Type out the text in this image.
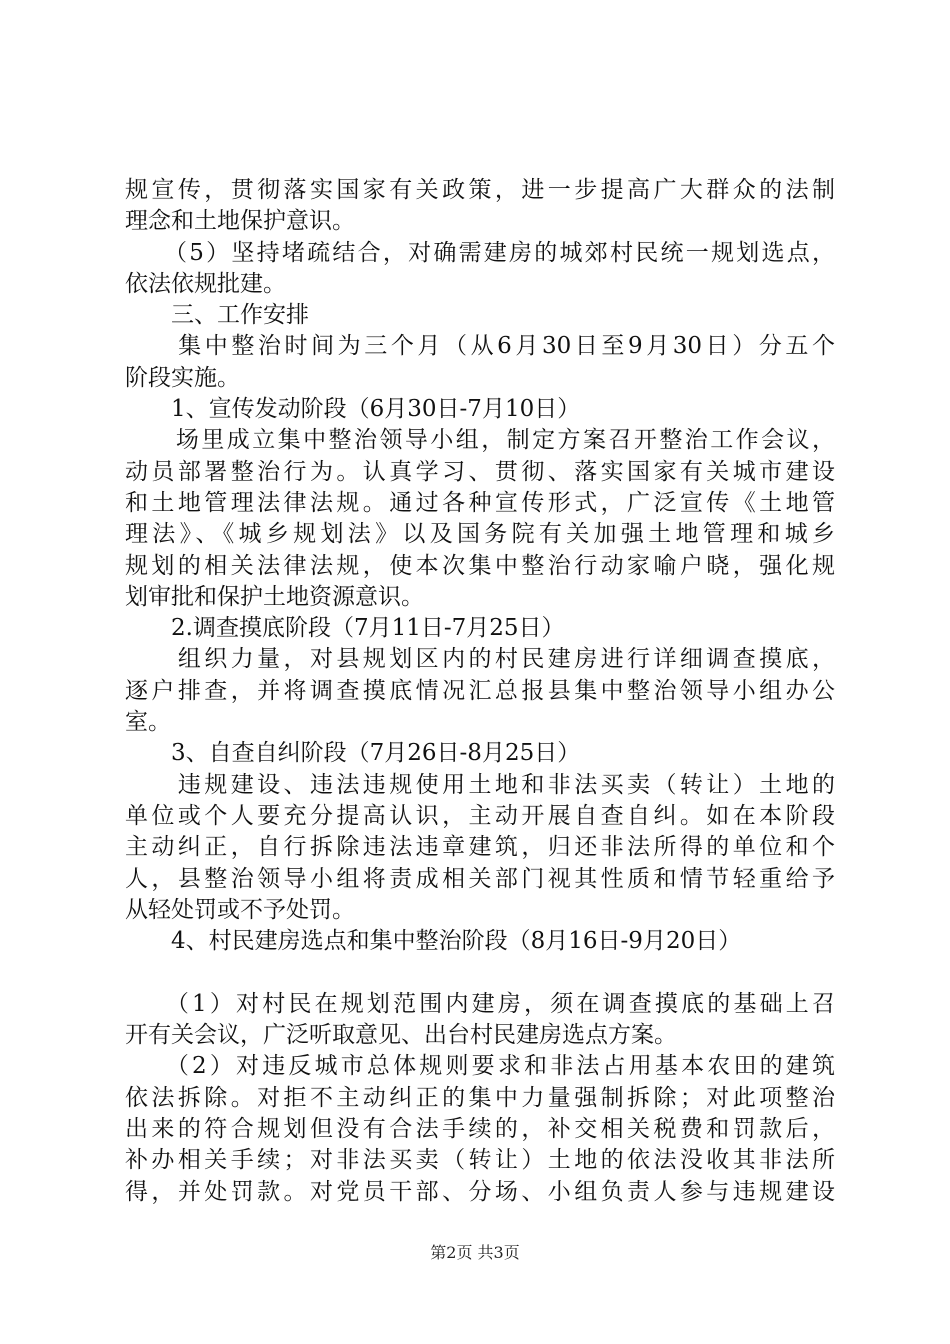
规宣传，贯彻落实国家有关政策，进一步提高广大群众的法制
理念和土地保护意识。
　　（5）坚持堵疏结合，对确需建房的城郊村民统一规划选点，
依法依规批建。
　　三、工作安排
　　集中整治时间为三个月（从6月30日至9月30日）分五个
阶段实施。
　　1、宣传发动阶段（6月30日-7月10日）
　　场里成立集中整治领导小组，制定方案召开整治工作会议，
动员部署整治行为。认真学习、贯彻、落实国家有关城市建设
和土地管理法律法规。通过各种宣传形式，广泛宣传《土地管
理法》、《城乡规划法》以及国务院有关加强土地管理和城乡
规划的相关法律法规，使本次集中整治行动家喻户晓，强化规
划审批和保护土地资源意识。
　　2.调查摸底阶段（7月11日-7月25日）
　　组织力量，对县规划区内的村民建房进行详细调查摸底，
逐户排查，并将调查摸底情况汇总报县集中整治领导小组办公
室。
　　3、自查自纠阶段（7月26日-8月25日）
　　违规建设、违法违规使用土地和非法买卖（转让）土地的
单位或个人要充分提高认识，主动开展自查自纠。如在本阶段
主动纠正，自行拆除违法违章建筑，归还非法所得的单位和个
人，县整治领导小组将责成相关部门视其性质和情节轻重给予
从轻处罚或不予处罚。
　　4、村民建房选点和集中整治阶段（8月16日-9月20日）
　　（1）对村民在规划范围内建房，须在调查摸底的基础上召
开有关会议，广泛听取意见、出台村民建房选点方案。
　　（2）对违反城市总体规则要求和非法占用基本农田的建筑
依法拆除。对拒不主动纠正的集中力量强制拆除；对此项整治
出来的符合规划但没有合法手续的，补交相关税费和罚款后，
补办相关手续；对非法买卖（转让）土地的依法没收其非法所
得，并处罚款。对党员干部、分场、小组负责人参与违规建设
第2页 共3页
